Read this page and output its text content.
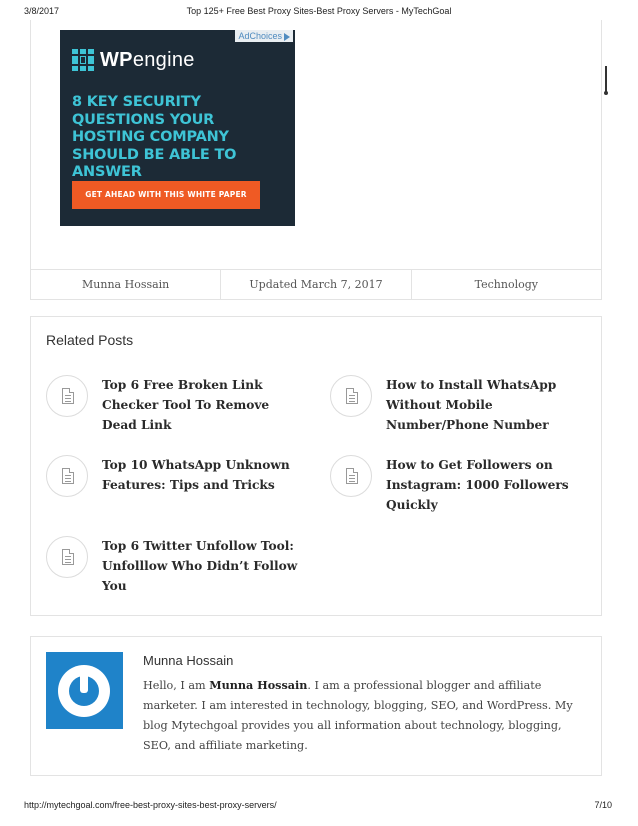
3/8/2017	Top 125+ Free Best Proxy Sites-Best Proxy Servers - MyTechGoal
AdChoices
WPengine
8 KEY SECURITY QUESTIONS YOUR HOSTING COMPANY SHOULD BE ABLE TO ANSWER
GET AHEAD WITH THIS WHITE PAPER
Munna Hossain	Updated March 7, 2017	Technology
Related Posts
Top 6 Free Broken Link Checker Tool To Remove Dead Link
How to Install WhatsApp Without Mobile Number/Phone Number
Top 10 WhatsApp Unknown Features: Tips and Tricks
How to Get Followers on Instagram: 1000 Followers Quickly
Top 6 Twitter Unfollow Tool: Unfolllow Who Didn’t Follow You
Munna Hossain
Hello, I am Munna Hossain. I am a professional blogger and affiliate marketer. I am interested in technology, blogging, SEO, and WordPress. My blog Mytechgoal provides you all information about technology, blogging, SEO, and affiliate marketing.
http://mytechgoal.com/free-best-proxy-sites-best-proxy-servers/	7/10
